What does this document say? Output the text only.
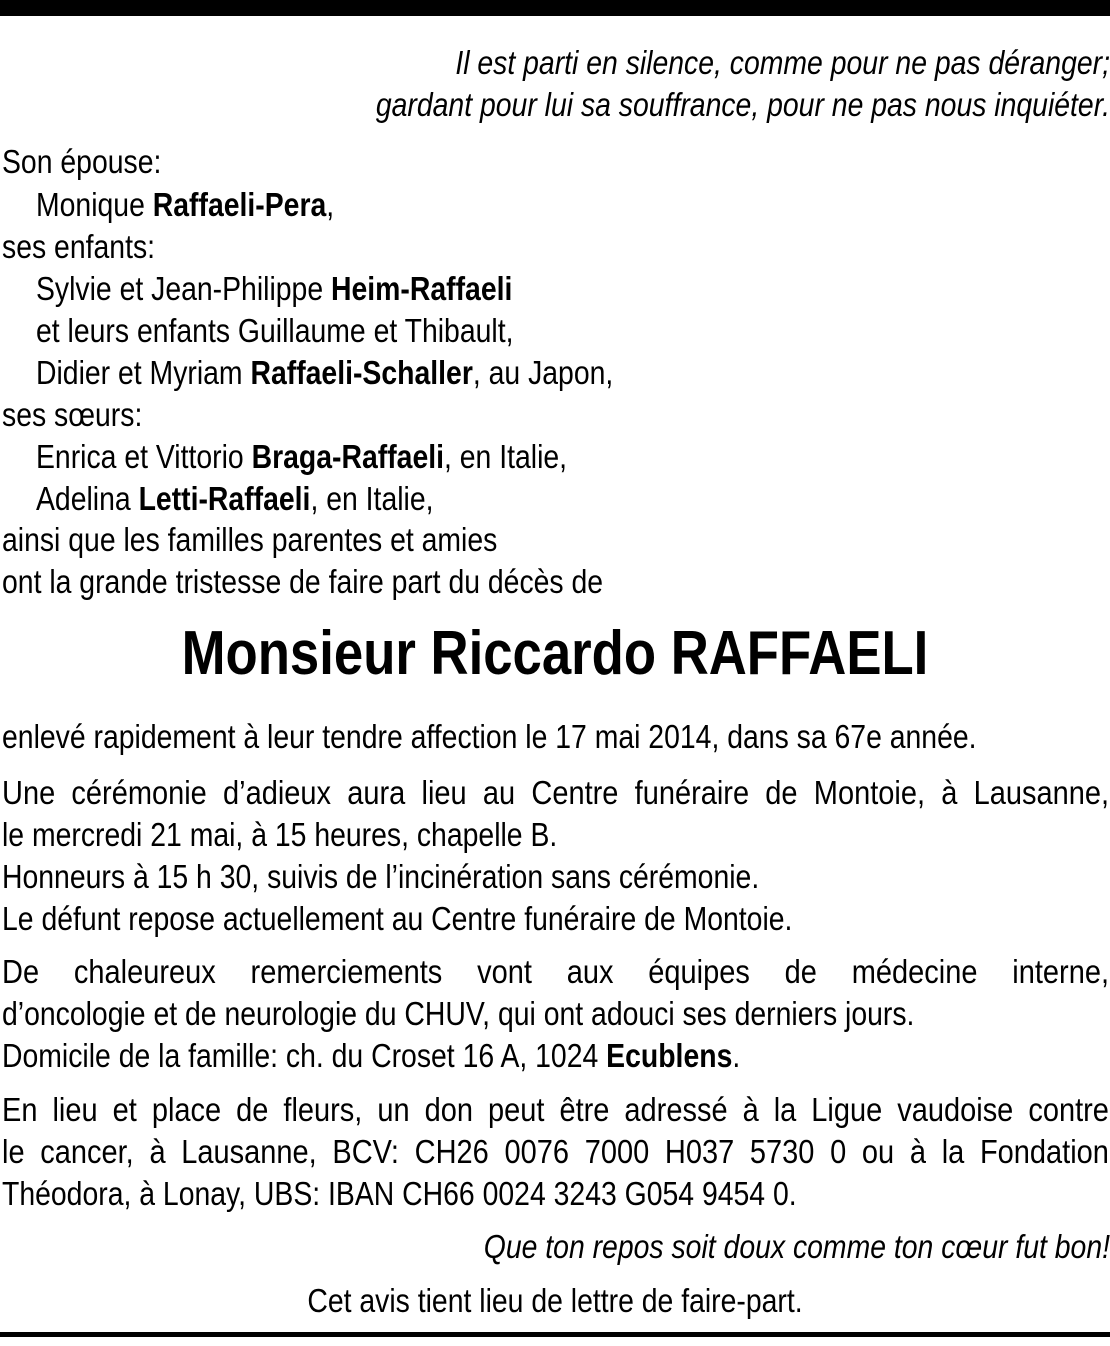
Il est parti en silence, comme pour ne pas déranger;
gardant pour lui sa souffrance, pour ne pas nous inquiéter.
Son épouse:
Monique Raffaeli-Pera,
ses enfants:
Sylvie et Jean-Philippe Heim-Raffaeli
et leurs enfants Guillaume et Thibault,
Didier et Myriam Raffaeli-Schaller, au Japon,
ses sœurs:
Enrica et Vittorio Braga-Raffaeli, en Italie,
Adelina Letti-Raffaeli, en Italie,
ainsi que les familles parentes et amies
ont la grande tristesse de faire part du décès de
Monsieur Riccardo RAFFAELI
enlevé rapidement à leur tendre affection le 17 mai 2014, dans sa 67e année.
Une cérémonie d’adieux aura lieu au Centre funéraire de Montoie, à Lausanne,
le mercredi 21 mai, à 15 heures, chapelle B.
Honneurs à 15 h 30, suivis de l’incinération sans cérémonie.
Le défunt repose actuellement au Centre funéraire de Montoie.
De chaleureux remerciements vont aux équipes de médecine interne,
d’oncologie et de neurologie du CHUV, qui ont adouci ses derniers jours.
Domicile de la famille: ch. du Croset 16 A, 1024 Ecublens.
En lieu et place de fleurs, un don peut être adressé à la Ligue vaudoise contre
le cancer, à Lausanne, BCV: CH26 0076 7000 H037 5730 0 ou à la Fondation
Théodora, à Lonay, UBS: IBAN CH66 0024 3243 G054 9454 0.
Que ton repos soit doux comme ton cœur fut bon!
Cet avis tient lieu de lettre de faire-part.
